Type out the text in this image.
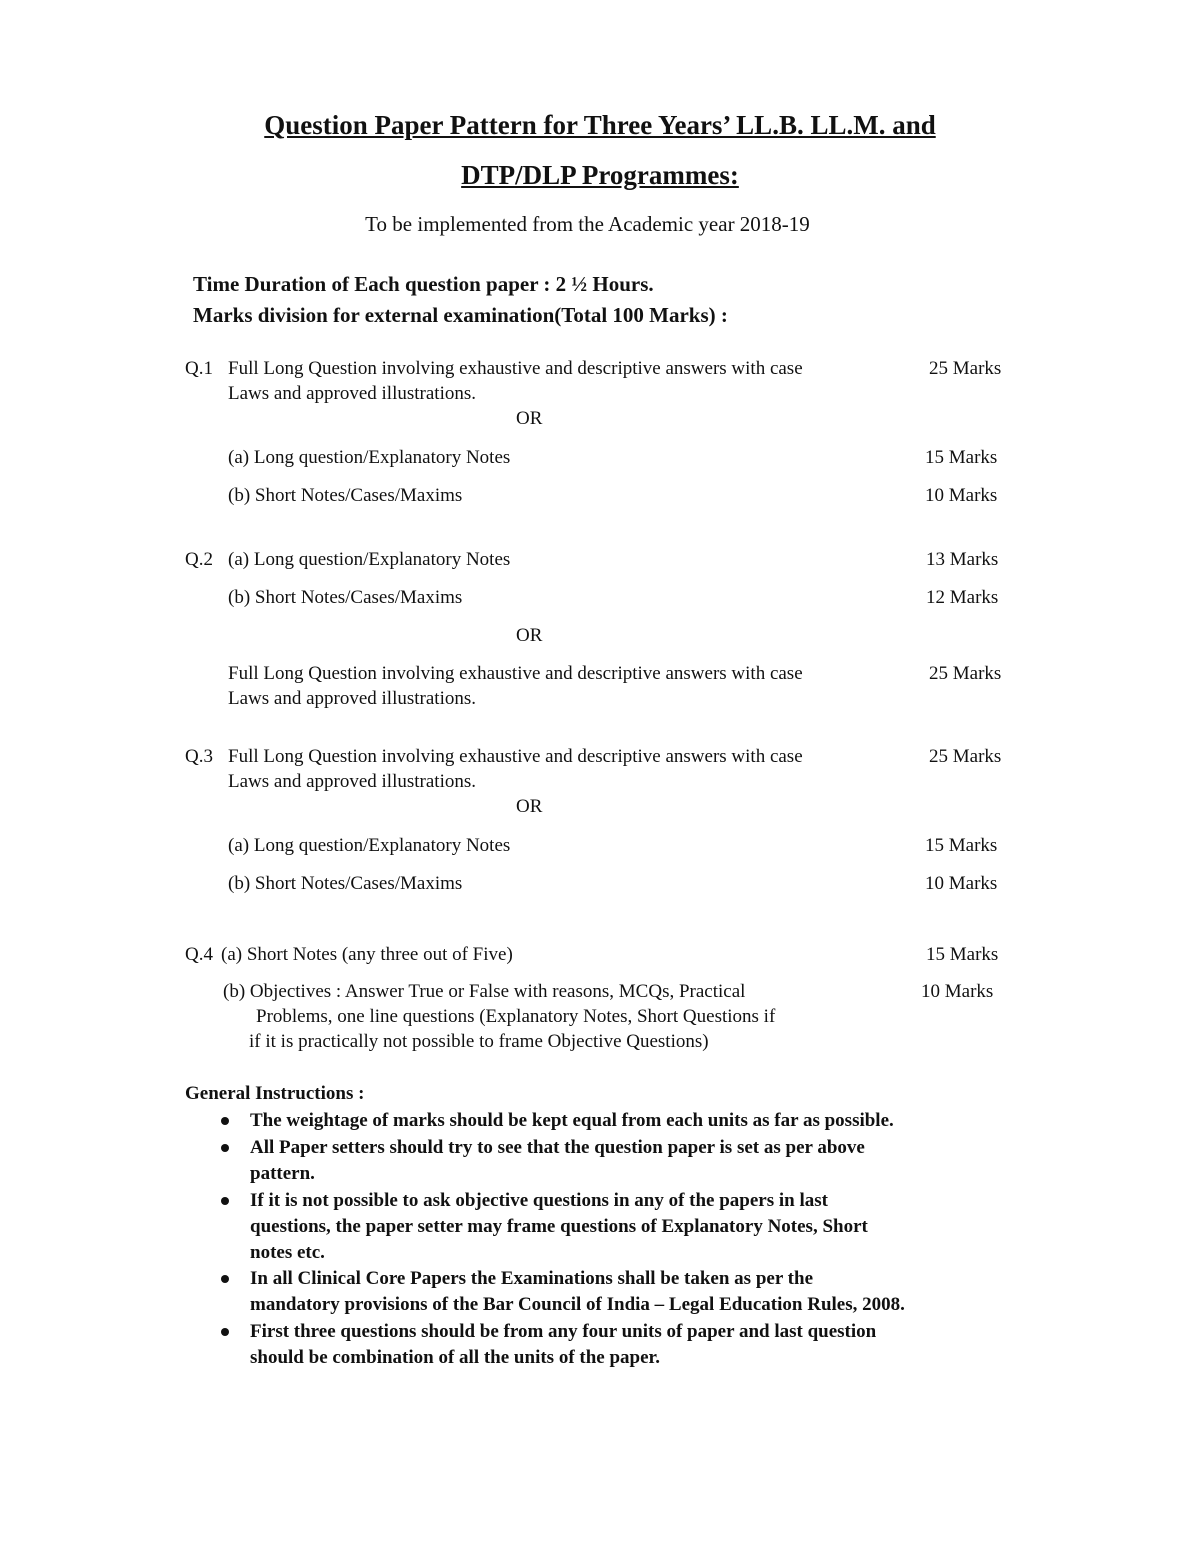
Question Paper Pattern for Three Years’ LL.B. LL.M. and
DTP/DLP Programmes:
To be implemented from the Academic year 2018-19
Time Duration of Each question paper : 2 ½ Hours.
Marks division for external examination(Total 100 Marks) :
Q.1 Full Long Question involving exhaustive and descriptive answers with case	25 Marks
Laws and approved illustrations.
OR
(a) Long question/Explanatory Notes	15 Marks
(b) Short Notes/Cases/Maxims	10 Marks
Q.2 (a) Long question/Explanatory Notes	13 Marks
(b) Short Notes/Cases/Maxims	12 Marks
OR
Full Long Question involving exhaustive and descriptive answers with case	25 Marks
Laws and approved illustrations.
Q.3 Full Long Question involving exhaustive and descriptive answers with case	25 Marks
Laws and approved illustrations.
OR
(a) Long question/Explanatory Notes	15 Marks
(b) Short Notes/Cases/Maxims	10 Marks
Q.4 (a) Short Notes (any three out of Five)	15 Marks
(b) Objectives : Answer True or False with reasons, MCQs, Practical	10 Marks
Problems, one line questions (Explanatory Notes, Short Questions if
if it is practically not possible to frame Objective Questions)
General Instructions :
The weightage of marks should be kept equal from each units as far as possible.
All Paper setters should try to see that the question paper is set as per above
pattern.
If it is not possible to ask objective questions in any of the papers in last
questions, the paper setter may frame questions of Explanatory Notes, Short
notes etc.
In all Clinical Core Papers the Examinations shall be taken as per the
mandatory provisions of the Bar Council of India – Legal Education Rules, 2008.
First three questions should be from any four units of paper and last question
should be combination of all the units of the paper.
